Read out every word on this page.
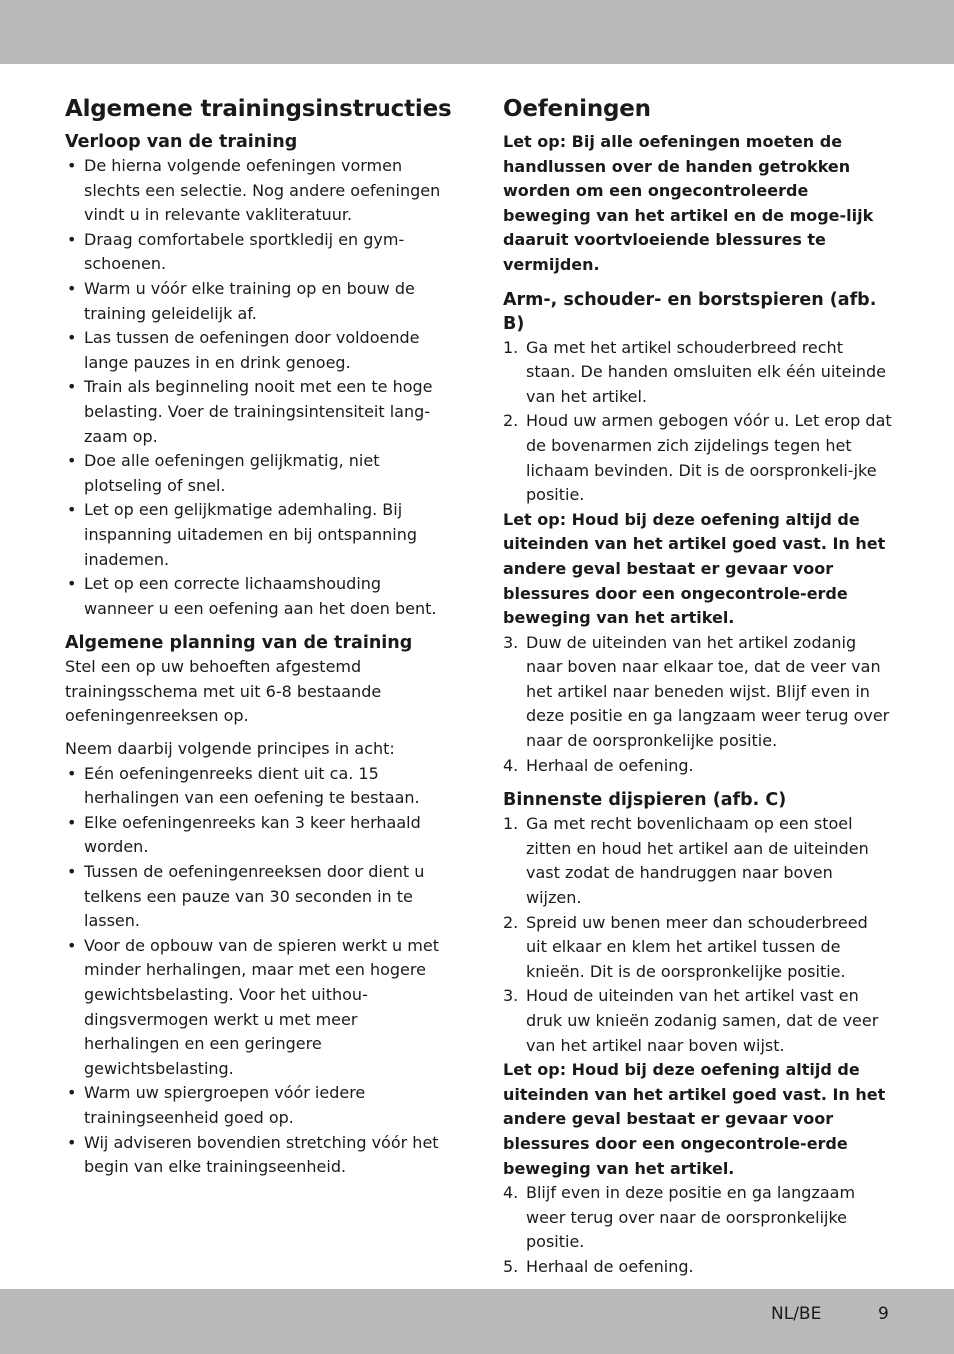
Algemene trainingsinstructies
Verloop van de training
• De hierna volgende oefeningen vormen slechts een selectie. Nog andere oefeningen vindt u in relevante vakliteratuur.
• Draag comfortabele sportkledij en gym-schoenen.
• Warm u vóór elke training op en bouw de training geleidelijk af.
• Las tussen de oefeningen door voldoende lange pauzes in en drink genoeg.
• Train als beginneling nooit met een te hoge belasting. Voer de trainingsintensiteit lang-zaam op.
• Doe alle oefeningen gelijkmatig, niet plotseling of snel.
• Let op een gelijkmatige ademhaling. Bij inspanning uitademen en bij ontspanning inademen.
• Let op een correcte lichaamshouding wanneer u een oefening aan het doen bent.
Algemene planning van de training

Stel een op uw behoeften afgestemd trainingsschema met uit 6-8 bestaande oefeningenreeksen op.

Neem daarbij volgende principes in acht:

• Eén oefeningenreeks dient uit ca. 15 herhalingen van een oefening te bestaan.
• Elke oefeningenreeks kan 3 keer herhaald worden.
• Tussen de oefeningenreeksen door dient u telkens een pauze van 30 seconden in te lassen.
• Voor de opbouw van de spieren werkt u met minder herhalingen, maar met een hogere gewichtsbelasting. Voor het uithou-dingsvermogen werkt u met meer herhalingen en een geringere gewichtsbelasting.
• Warm uw spiergroepen vóór iedere trainingseenheid goed op.
• Wij adviseren bovendien stretching vóór het begin van elke trainingseenheid.
Oefeningen

Let op: Bij alle oefeningen moeten de handlussen over de handen getrokken worden om een ongecontroleerde beweging van het artikel en de moge-lijk daaruit voortvloeiende blessures te vermijden.

Arm-, schouder- en borstspieren (afb. B)
1. Ga met het artikel schouderbreed recht staan. De handen omsluiten elk één uiteinde van het artikel.
2. Houd uw armen gebogen vóór u. Let erop dat de bovenarmen zich zijdelings tegen het lichaam bevinden. Dit is de oorspronkeli-jke positie.

Let op: Houd bij deze oefening altijd de uiteinden van het artikel goed vast. In het andere geval bestaat er gevaar voor blessures door een ongecontrole-erde beweging van het artikel.

3. Duw de uiteinden van het artikel zodanig naar boven naar elkaar toe, dat de veer van het artikel naar beneden wijst. Blijf even in deze positie en ga langzaam weer terug over naar de oorspronkelijke positie.
4. Herhaal de oefening.
Binnenste dijspieren (afb. C)
1. Ga met recht bovenlichaam op een stoel zitten en houd het artikel aan de uiteinden vast zodat de handruggen naar boven wijzen.
2. Spreid uw benen meer dan schouderbreed uit elkaar en klem het artikel tussen de knieën. Dit is de oorspronkelijke positie.
3. Houd de uiteinden van het artikel vast en druk uw knieën zodanig samen, dat de veer van het artikel naar boven wijst.

Let op: Houd bij deze oefening altijd de uiteinden van het artikel goed vast. In het andere geval bestaat er gevaar voor blessures door een ongecontrole-erde beweging van het artikel.

4. Blijf even in deze positie en ga langzaam weer terug over naar de oorspronkelijke positie.
5. Herhaal de oefening.
NL/BE	9
